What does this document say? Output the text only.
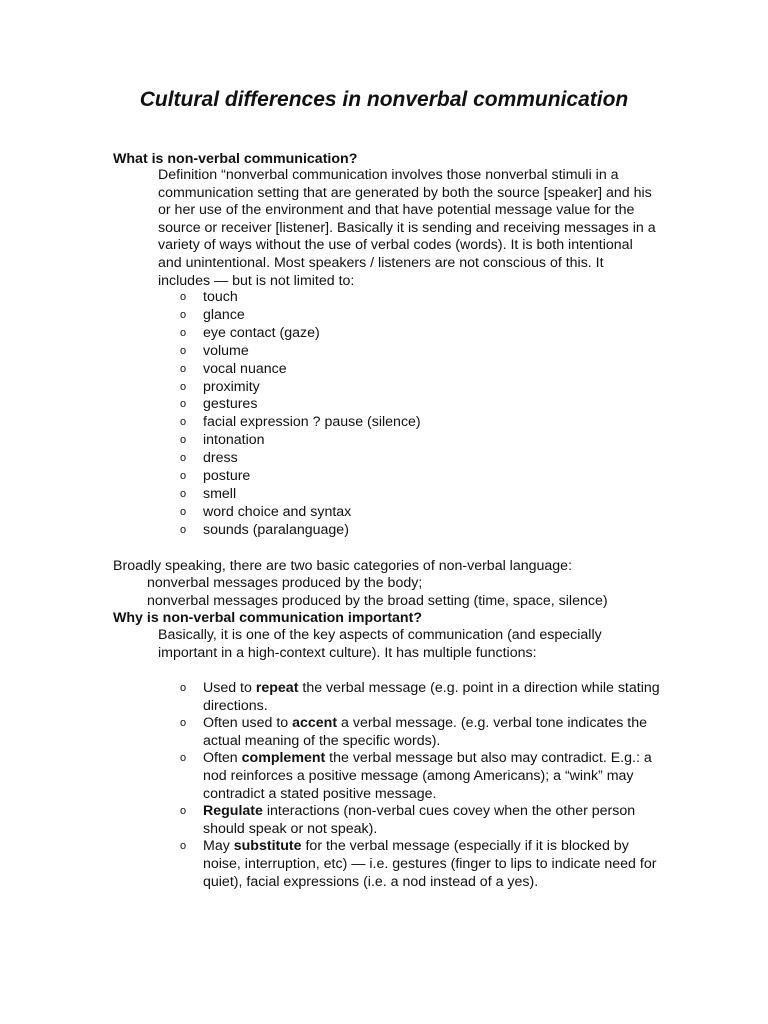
Cultural differences in nonverbal communication

What is non-verbal communication?

Definition “nonverbal communication involves those nonverbal stimuli in a communication setting that are generated by both the source [speaker] and his or her use of the environment and that have potential message value for the source or receiver [listener]. Basically it is sending and receiving messages in a variety of ways without the use of verbal codes (words). It is both intentional and unintentional. Most speakers / listeners are not conscious of this. It includes — but is not limited to:

o touch
o glance
o eye contact (gaze)
o volume
o vocal nuance
o proximity
o gestures
o facial expression ? pause (silence)
o intonation
o dress
o posture
o smell
o word choice and syntax
o sounds (paralanguage)

Broadly speaking, there are two basic categories of non-verbal language:

nonverbal messages produced by the body;

nonverbal messages produced by the broad setting (time, space, silence)

Why is non-verbal communication important?

Basically, it is one of the key aspects of communication (and especially important in a high-context culture). It has multiple functions:

o Used to repeat the verbal message (e.g. point in a direction while stating directions.
o Often used to accent a verbal message. (e.g. verbal tone indicates the actual meaning of the specific words).
o Often complement the verbal message but also may contradict. E.g.: a nod reinforces a positive message (among Americans); a “wink” may contradict a stated positive message.
o Regulate interactions (non-verbal cues covey when the other person should speak or not speak).
o May substitute for the verbal message (especially if it is blocked by noise, interruption, etc) — i.e. gestures (finger to lips to indicate need for quiet), facial expressions (i.e. a nod instead of a yes).
